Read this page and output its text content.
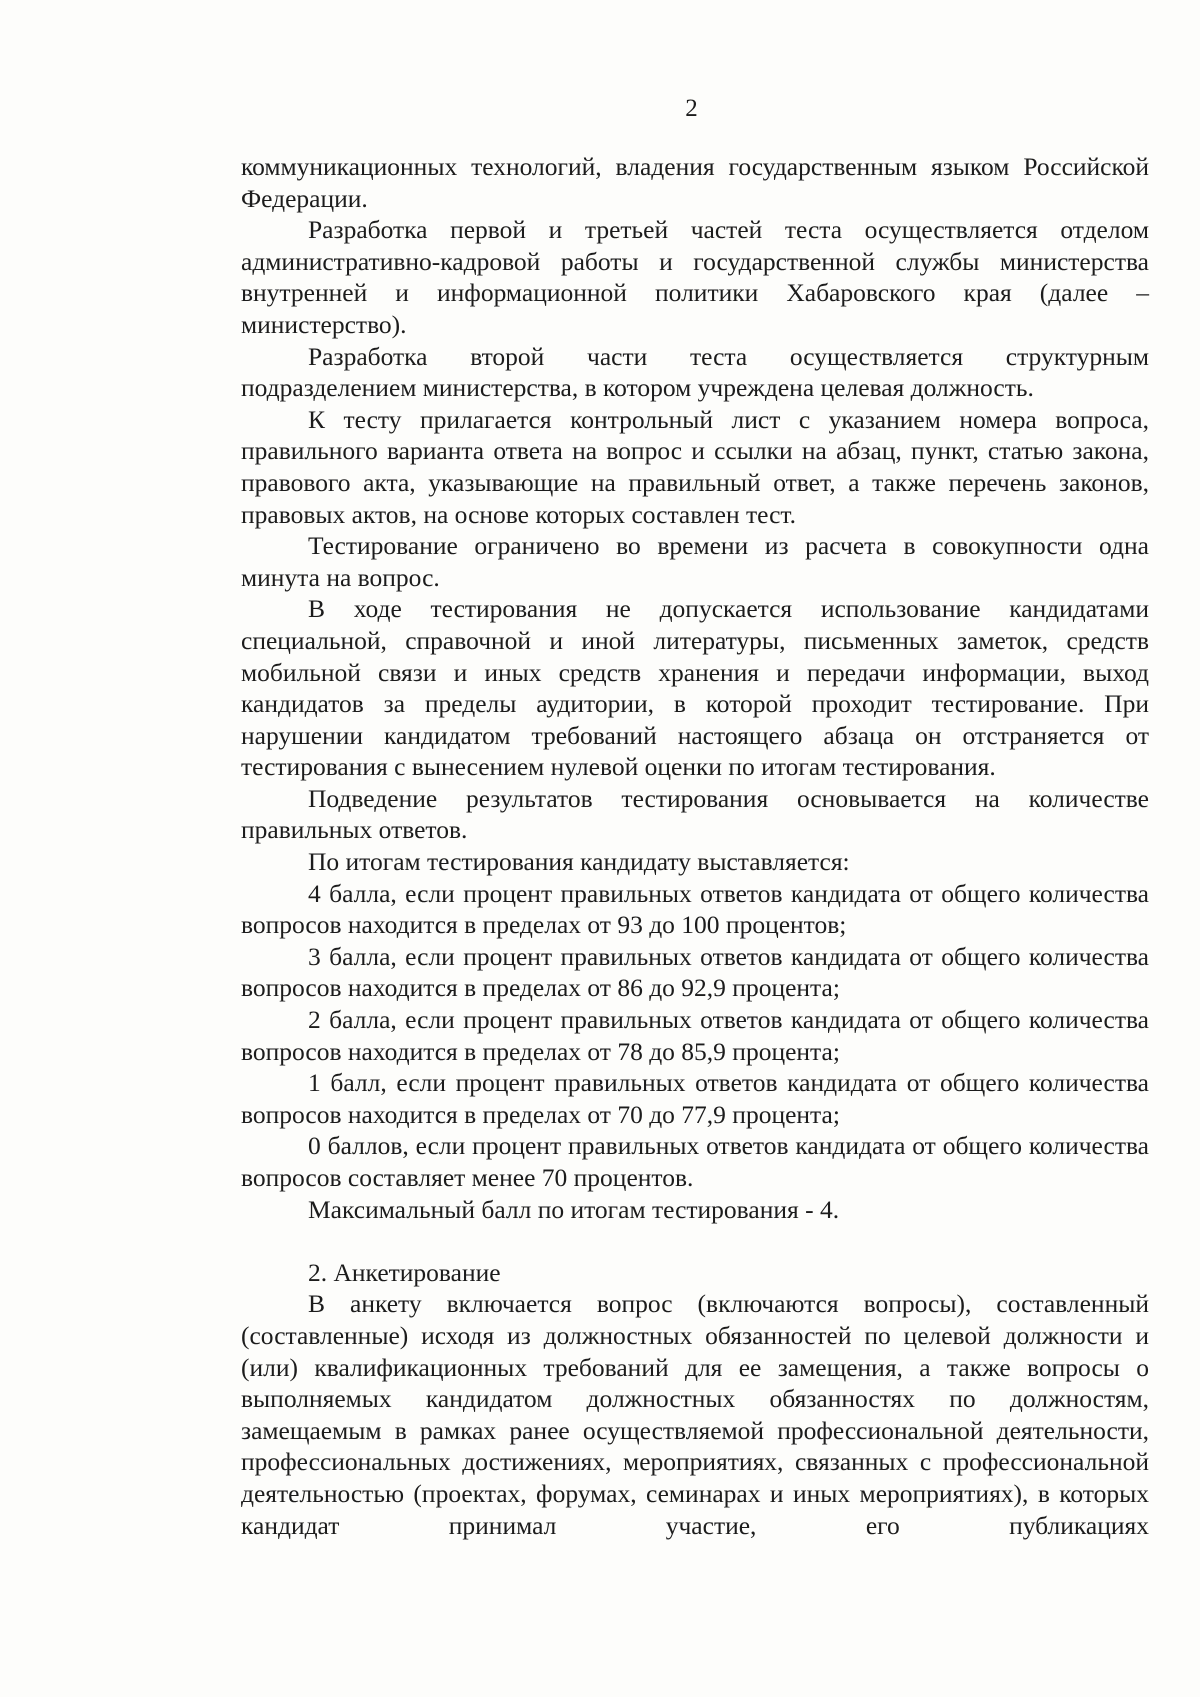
2

коммуникационных технологий, владения государственным языком Российской Федерации.

Разработка первой и третьей частей теста осуществляется отделом административно-кадровой работы и государственной службы министерства внутренней и информационной политики Хабаровского края (далее – министерство).

Разработка второй части теста осуществляется структурным подразделением министерства, в котором учреждена целевая должность.

К тесту прилагается контрольный лист с указанием номера вопроса, правильного варианта ответа на вопрос и ссылки на абзац, пункт, статью закона, правового акта, указывающие на правильный ответ, а также перечень законов, правовых актов, на основе которых составлен тест.

Тестирование ограничено во времени из расчета в совокупности одна минута на вопрос.

В ходе тестирования не допускается использование кандидатами специальной, справочной и иной литературы, письменных заметок, средств мобильной связи и иных средств хранения и передачи информации, выход кандидатов за пределы аудитории, в которой проходит тестирование. При нарушении кандидатом требований настоящего абзаца он отстраняется от тестирования с вынесением нулевой оценки по итогам тестирования.

Подведение результатов тестирования основывается на количестве правильных ответов.

По итогам тестирования кандидату выставляется:

4 балла, если процент правильных ответов кандидата от общего количества вопросов находится в пределах от 93 до 100 процентов;

3 балла, если процент правильных ответов кандидата от общего количества вопросов находится в пределах от 86 до 92,9 процента;

2 балла, если процент правильных ответов кандидата от общего количества вопросов находится в пределах от 78 до 85,9 процента;

1 балл, если процент правильных ответов кандидата от общего количества вопросов находится в пределах от 70 до 77,9 процента;

0 баллов, если процент правильных ответов кандидата от общего количества вопросов составляет менее 70 процентов.

Максимальный балл по итогам тестирования - 4.

2. Анкетирование

В анкету включается вопрос (включаются вопросы), составленный (составленные) исходя из должностных обязанностей по целевой должности и (или) квалификационных требований для ее замещения, а также вопросы о выполняемых кандидатом должностных обязанностях по должностям, замещаемым в рамках ранее осуществляемой профессиональной деятельности, профессиональных достижениях, мероприятиях, связанных с профессиональной деятельностью (проектах, форумах, семинарах и иных мероприятиях), в которых кандидат принимал участие, его публикациях
